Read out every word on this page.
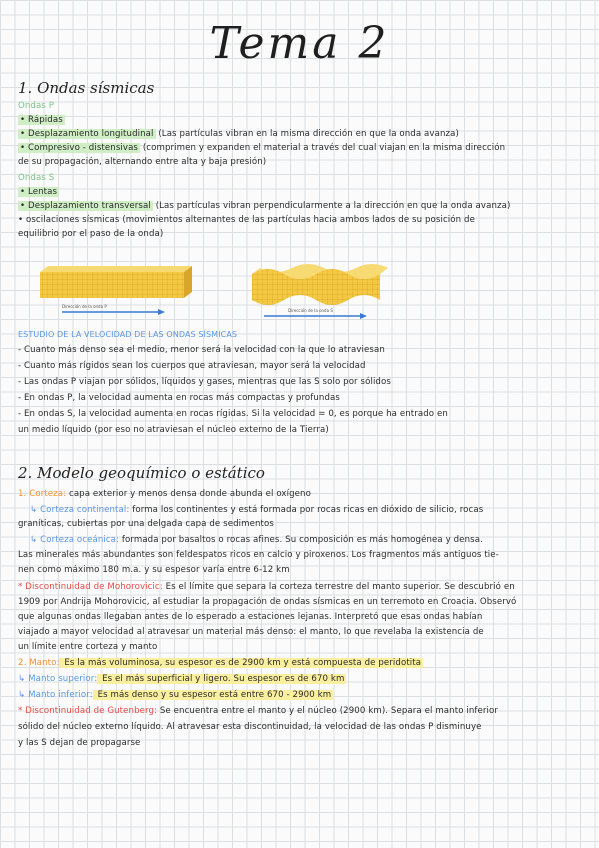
Tema 2
1. Ondas sísmicas
Ondas P
• Rápidas
• Desplazamiento longitudinal (Las partículas vibran en la misma dirección en que la onda avanza)
• Compresivo - distensivas (comprimen y expanden el material a través del cual viajan en la misma dirección
de su propagación, alternando entre alta y baja presión)
Ondas S
• Lentas
• Desplazamiento transversal (Las partículas vibran perpendicularmente a la dirección en que la onda avanza)
• oscilaciones sísmicas (movimientos alternantes de las partículas hacia ambos lados de su posición de
equilibrio por el paso de la onda)
Dirección de la onda P
Dirección de la onda S
ESTUDIO DE LA VELOCIDAD DE LAS ONDAS SÍSMICAS
- Cuanto más denso sea el medio, menor será la velocidad con la que lo atraviesan
- Cuanto más rígidos sean los cuerpos que atraviesan, mayor será la velocidad
- Las ondas P viajan por sólidos, líquidos y gases, mientras que las S solo por sólidos
- En ondas P, la velocidad aumenta en rocas más compactas y profundas
- En ondas S, la velocidad aumenta en rocas rígidas. Si la velocidad = 0, es porque ha entrado en
un medio líquido (por eso no atraviesan el núcleo externo de la Tierra)
2. Modelo geoquímico o estático
1. Corteza: capa exterior y menos densa donde abunda el oxígeno
↳ Corteza continental: forma los continentes y está formada por rocas ricas en dióxido de silicio, rocas
graníticas, cubiertas por una delgada capa de sedimentos
↳ Corteza oceánica: formada por basaltos o rocas afines. Su composición es más homogénea y densa.
Las minerales más abundantes son feldespatos ricos en calcio y piroxenos. Los fragmentos más antiguos tie-
nen como máximo 180 m.a. y su espesor varía entre 6-12 km
* Discontinuidad de Mohorovicic: Es el límite que separa la corteza terrestre del manto superior. Se descubrió en
1909 por Andrija Mohorovicic, al estudiar la propagación de ondas sísmicas en un terremoto en Croacia. Observó
que algunas ondas llegaban antes de lo esperado a estaciones lejanas. Interpretó que esas ondas habían
viajado a mayor velocidad al atravesar un material más denso: el manto, lo que revelaba la existencia de
un límite entre corteza y manto
2. Manto: Es la más voluminosa, su espesor es de 2900 km y está compuesta de peridotita
↳ Manto superior: Es el más superficial y ligero. Su espesor es de 670 km
↳ Manto inferior: Es más denso y su espesor está entre 670 - 2900 km
* Discontinuidad de Gutenberg: Se encuentra entre el manto y el núcleo (2900 km). Separa el manto inferior
sólido del núcleo externo líquido. Al atravesar esta discontinuidad, la velocidad de las ondas P disminuye
y las S dejan de propagarse
